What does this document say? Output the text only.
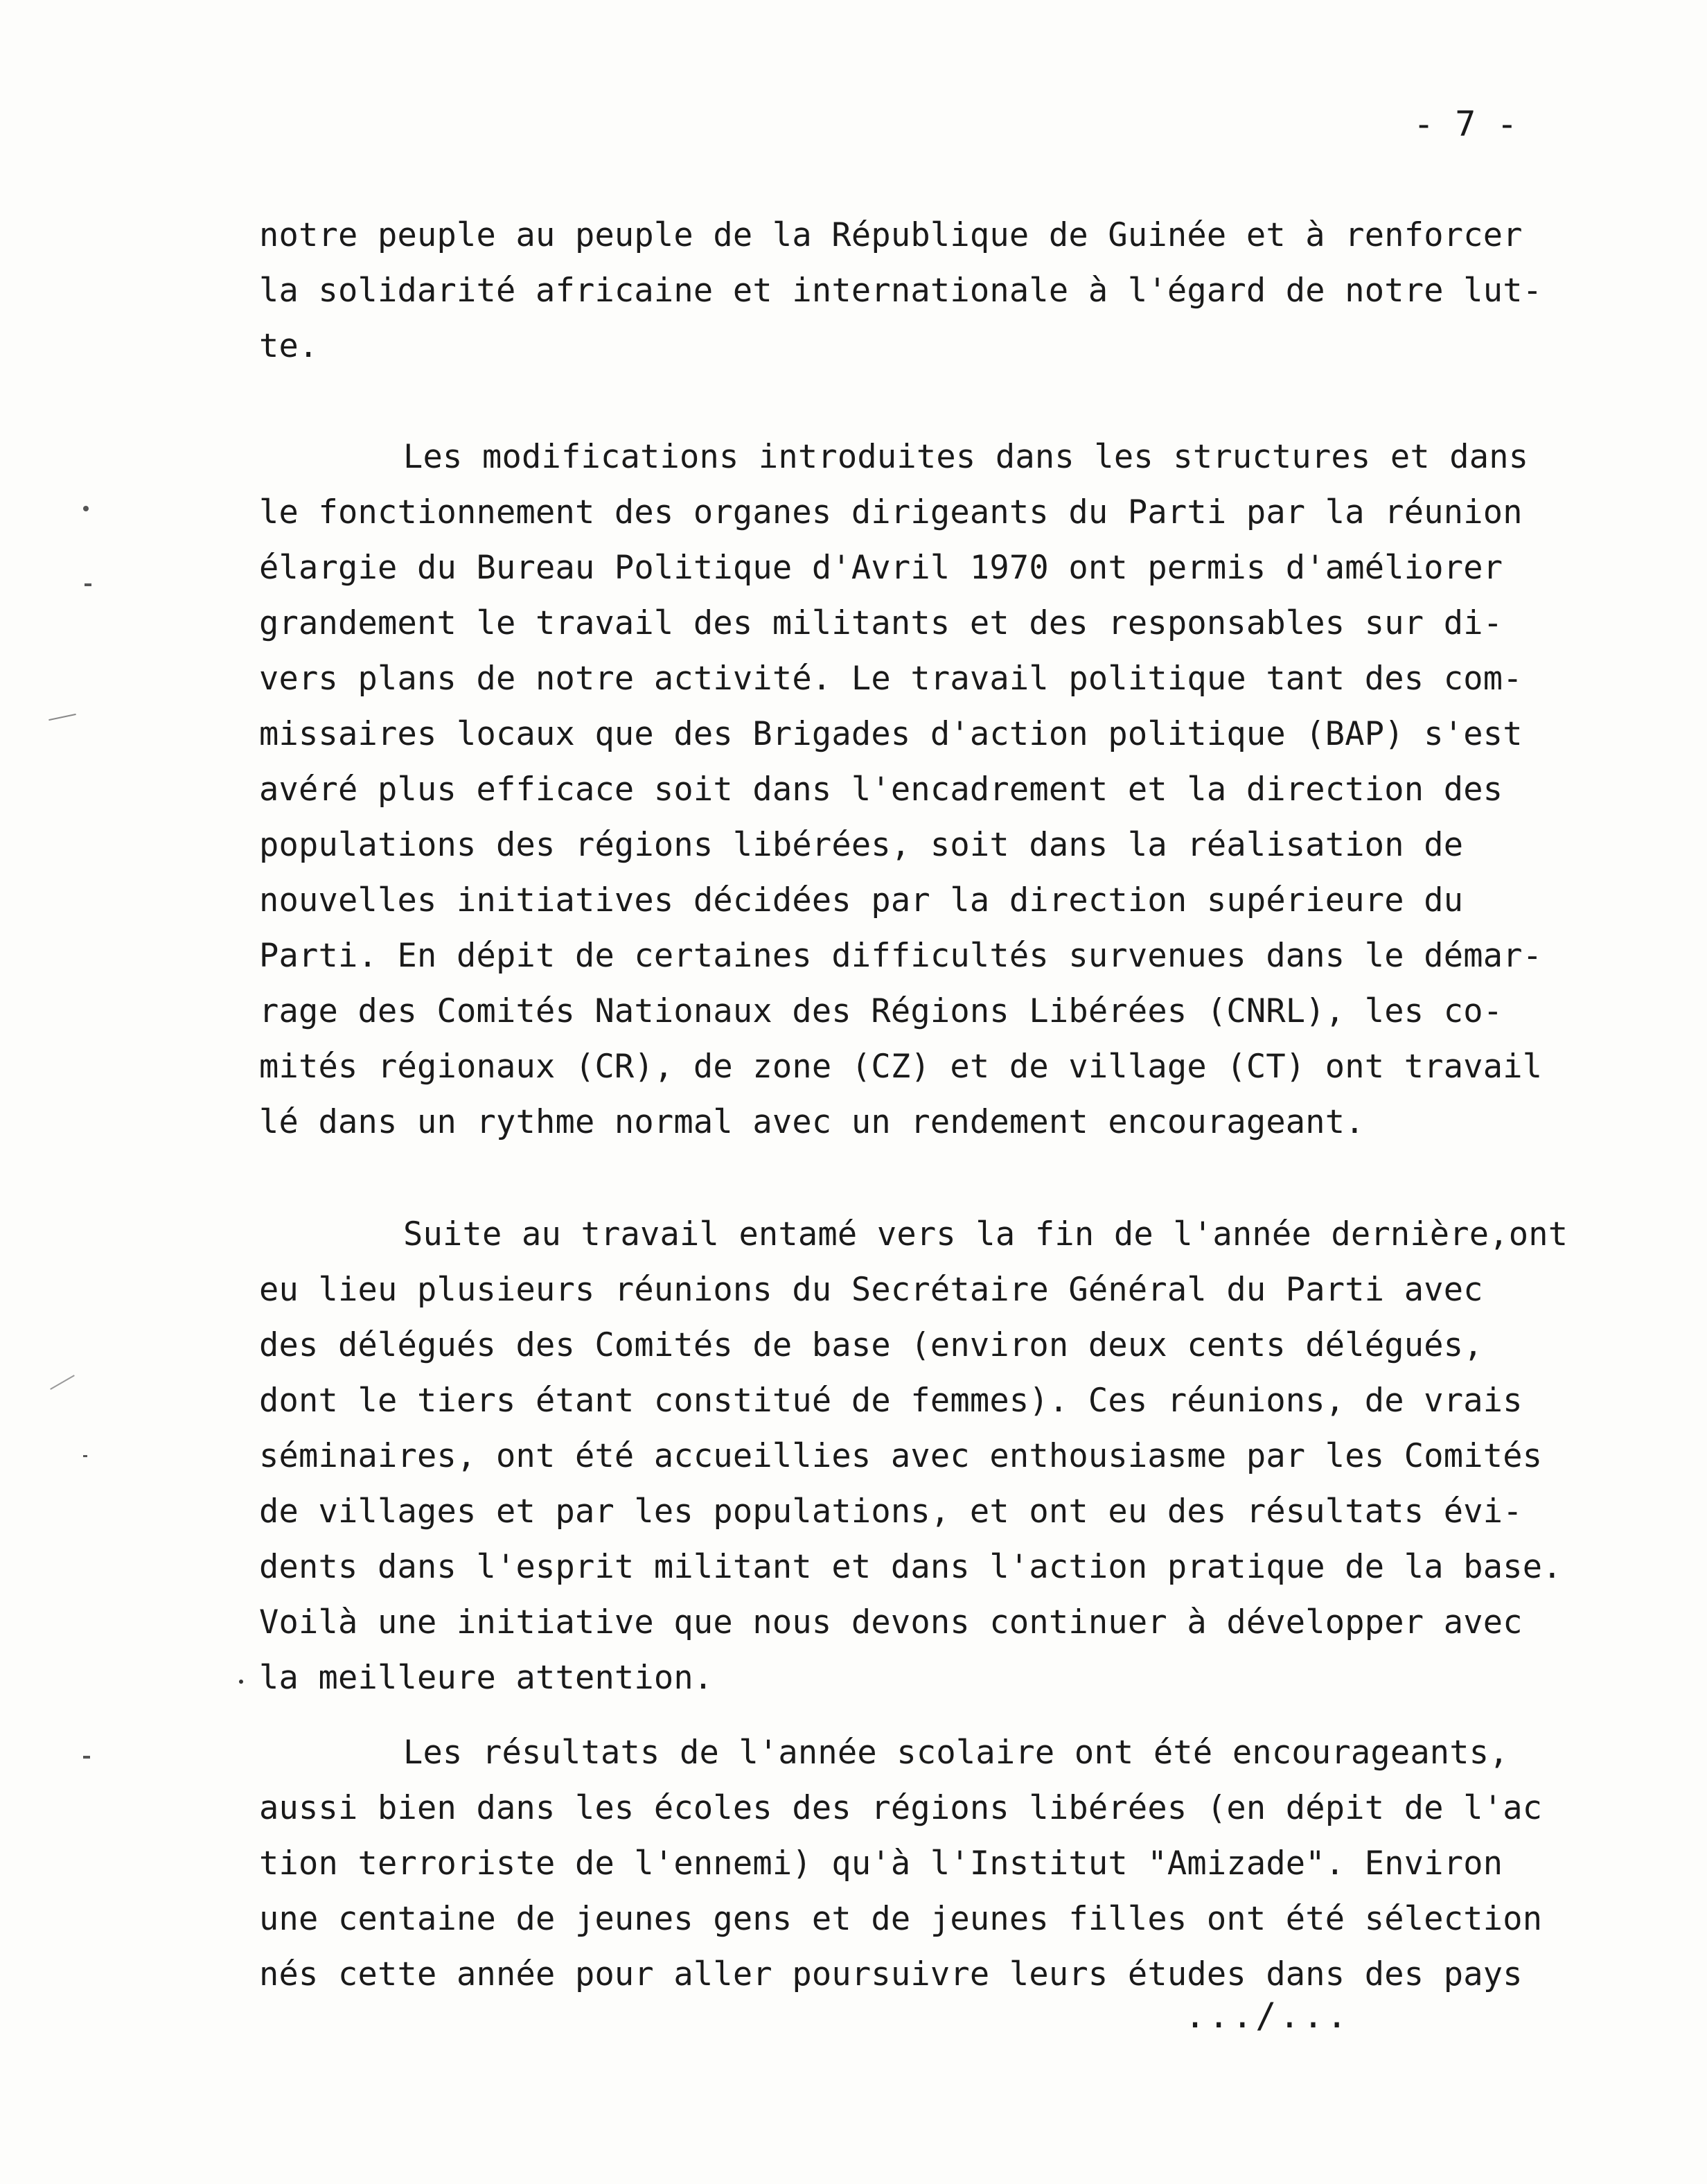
- 7 -
notre peuple au peuple de la République de Guinée et à renforcer
la solidarité africaine et internationale à l'égard de notre lut-
te.
Les modifications introduites dans les structures et dans
le fonctionnement des organes dirigeants du Parti par la réunion
élargie du Bureau Politique d'Avril 1970 ont permis d'améliorer
grandement le travail des militants et des responsables sur di-
vers plans de notre activité. Le travail politique tant des com-
missaires locaux que des Brigades d'action politique (BAP) s'est
avéré plus efficace soit dans l'encadrement et la direction des
populations des régions libérées, soit dans la réalisation de
nouvelles initiatives décidées par la direction supérieure du
Parti. En dépit de certaines difficultés survenues dans le démar-
rage des Comités Nationaux des Régions Libérées (CNRL), les co-
mités régionaux (CR), de zone (CZ) et de village (CT) ont travail
lé dans un rythme normal avec un rendement encourageant.
Suite au travail entamé vers la fin de l'année dernière,ont
eu lieu plusieurs réunions du Secrétaire Général du Parti avec
des délégués des Comités de base (environ deux cents délégués,
dont le tiers étant constitué de femmes). Ces réunions, de vrais
séminaires, ont été accueillies avec enthousiasme par les Comités
de villages et par les populations, et ont eu des résultats évi-
dents dans l'esprit militant et dans l'action pratique de la base.
Voilà une initiative que nous devons continuer à développer avec
la meilleure attention.
Les résultats de l'année scolaire ont été encourageants,
aussi bien dans les écoles des régions libérées (en dépit de l'ac
tion terroriste de l'ennemi) qu'à l'Institut "Amizade". Environ
une centaine de jeunes gens et de jeunes filles ont été sélection
nés cette année pour aller poursuivre leurs études dans des pays
.../...
